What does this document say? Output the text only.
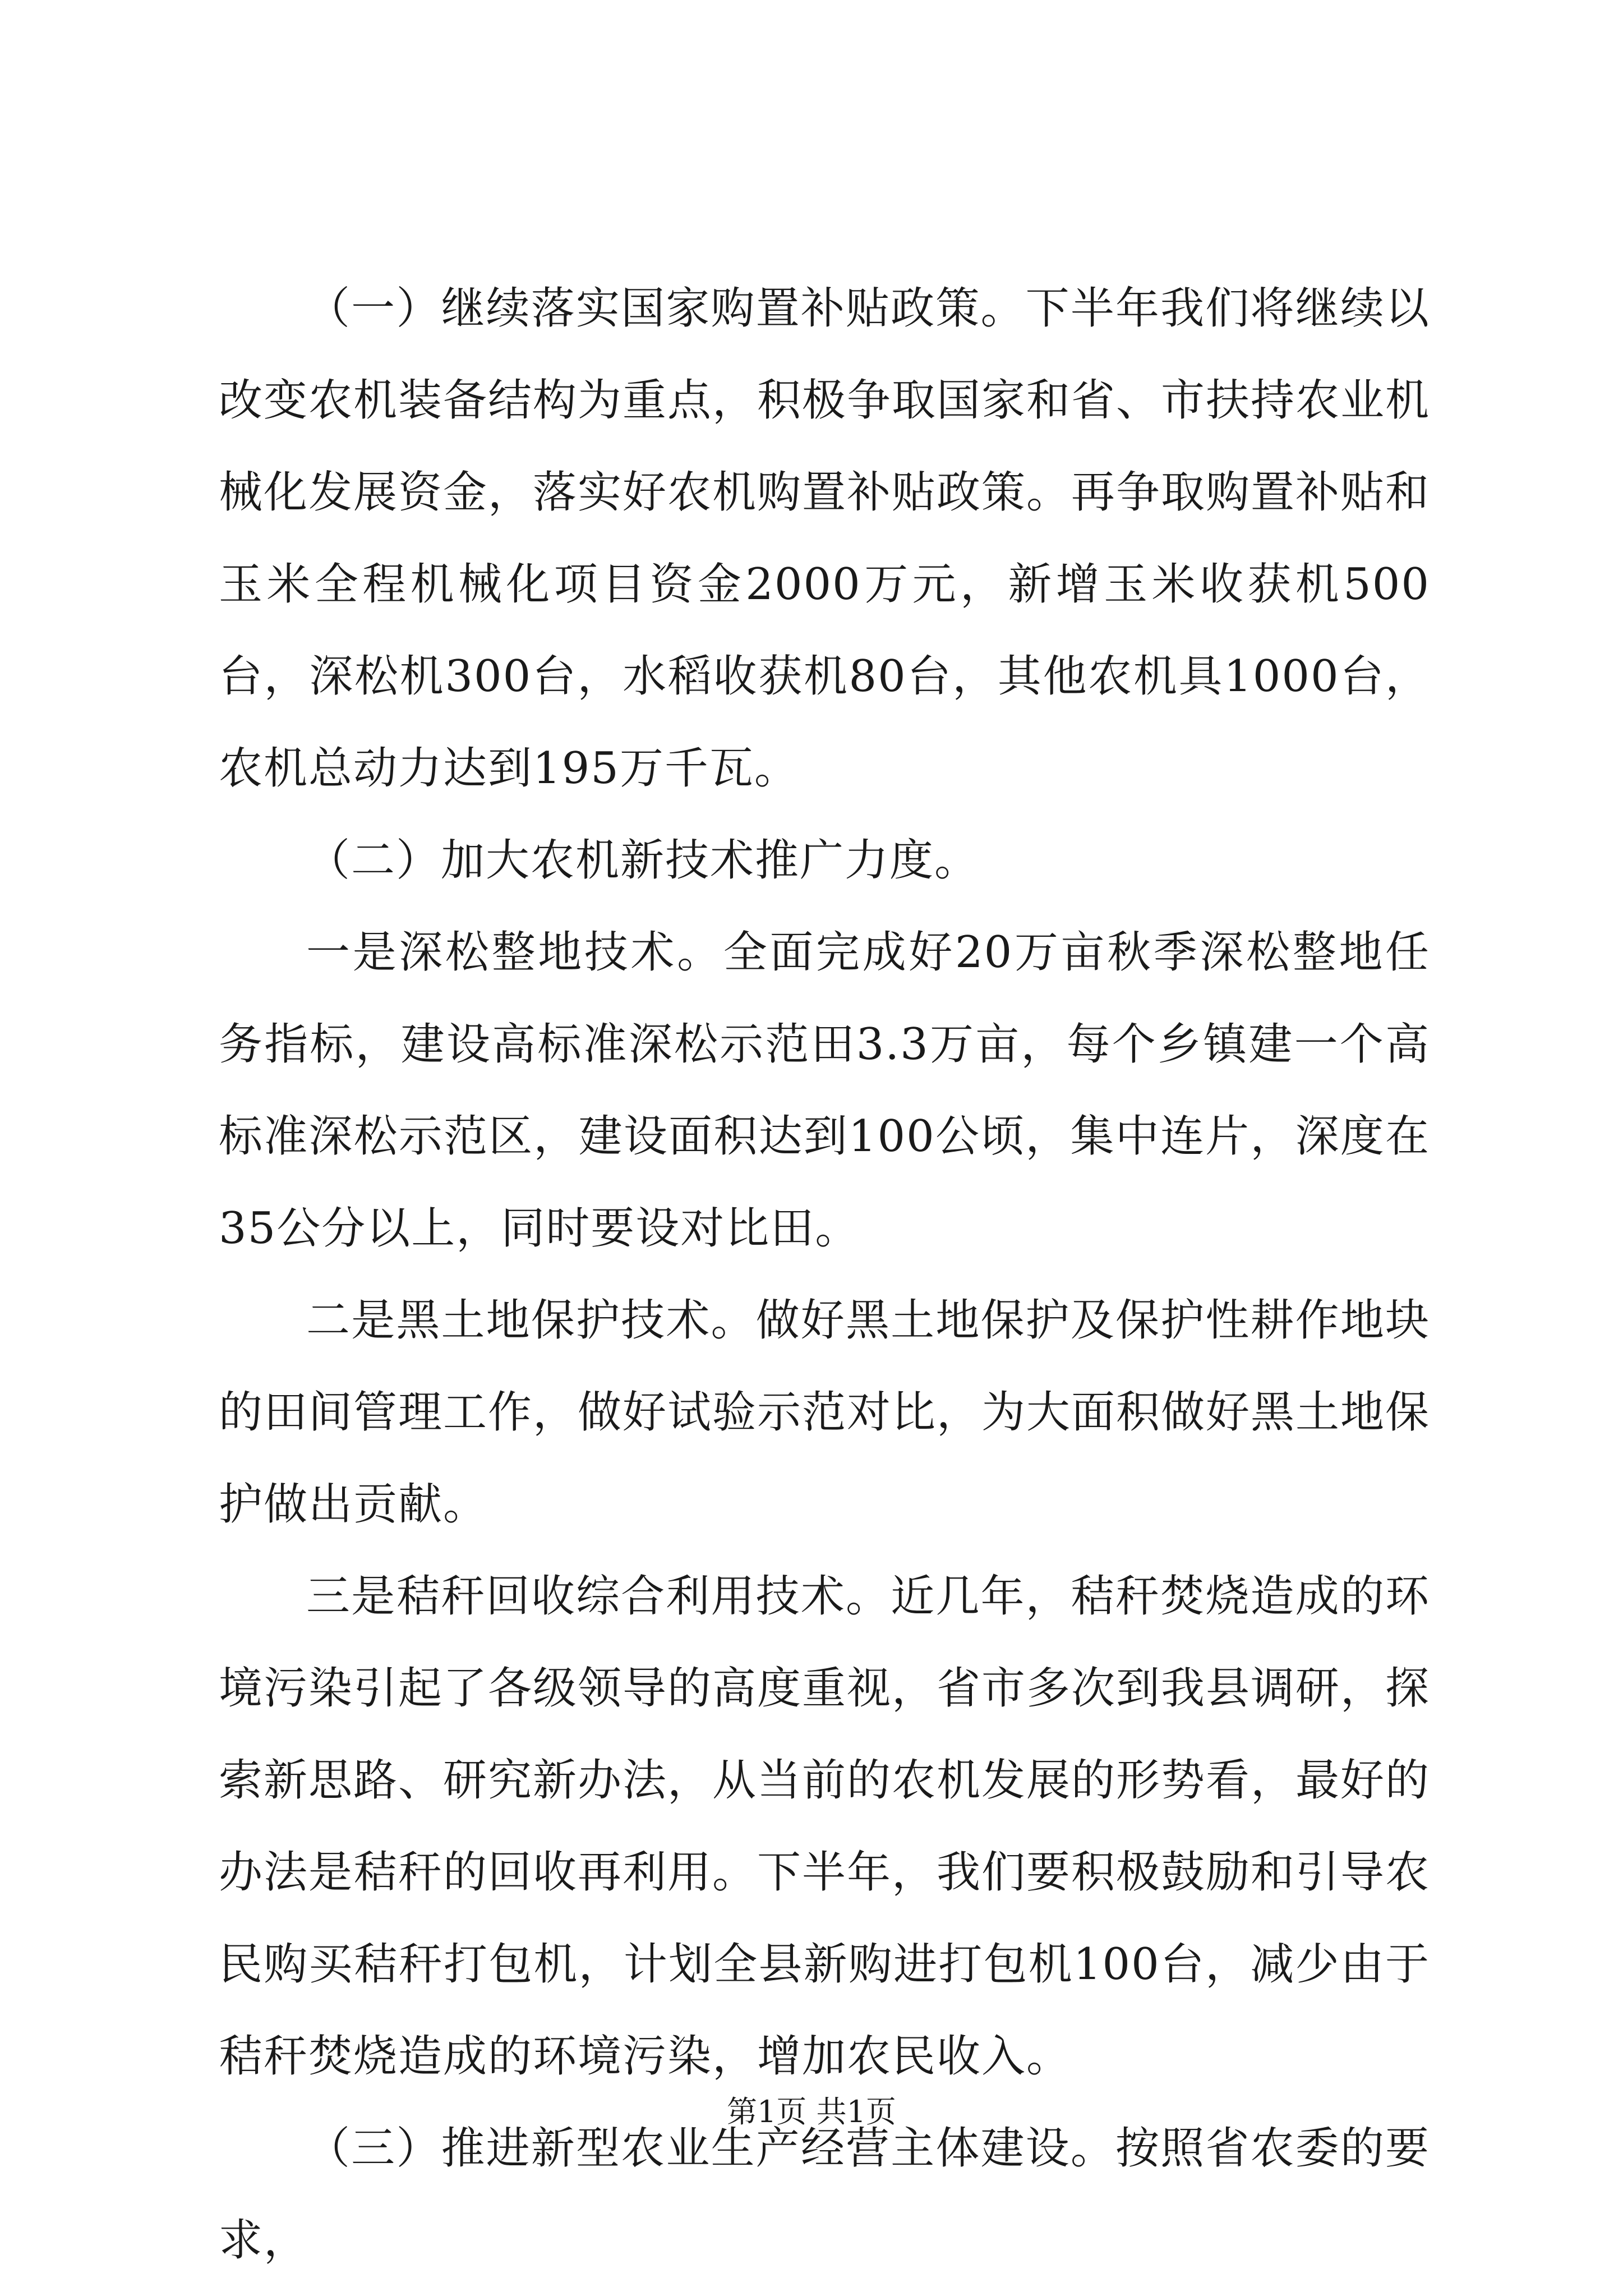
（一）继续落实国家购置补贴政策。下半年我们将继续以改变农机装备结构为重点，积极争取国家和省、市扶持农业机械化发展资金，落实好农机购置补贴政策。再争取购置补贴和玉米全程机械化项目资金2000万元，新增玉米收获机500台，深松机300台，水稻收获机80台，其他农机具1000台，农机总动力达到195万千瓦。

（二）加大农机新技术推广力度。

一是深松整地技术。全面完成好20万亩秋季深松整地任务指标，建设高标准深松示范田3.3万亩，每个乡镇建一个高标准深松示范区，建设面积达到100公顷，集中连片，深度在35公分以上，同时要设对比田。

二是黑土地保护技术。做好黑土地保护及保护性耕作地块的田间管理工作，做好试验示范对比，为大面积做好黑土地保护做出贡献。

三是秸秆回收综合利用技术。近几年，秸秆焚烧造成的环境污染引起了各级领导的高度重视，省市多次到我县调研，探索新思路、研究新办法，从当前的农机发展的形势看，最好的办法是秸秆的回收再利用。下半年，我们要积极鼓励和引导农民购买秸秆打包机，计划全县新购进打包机100台，减少由于秸秆焚烧造成的环境污染，增加农民收入。

（三）推进新型农业生产经营主体建设。按照省农委的要求，

第1页 共1页
